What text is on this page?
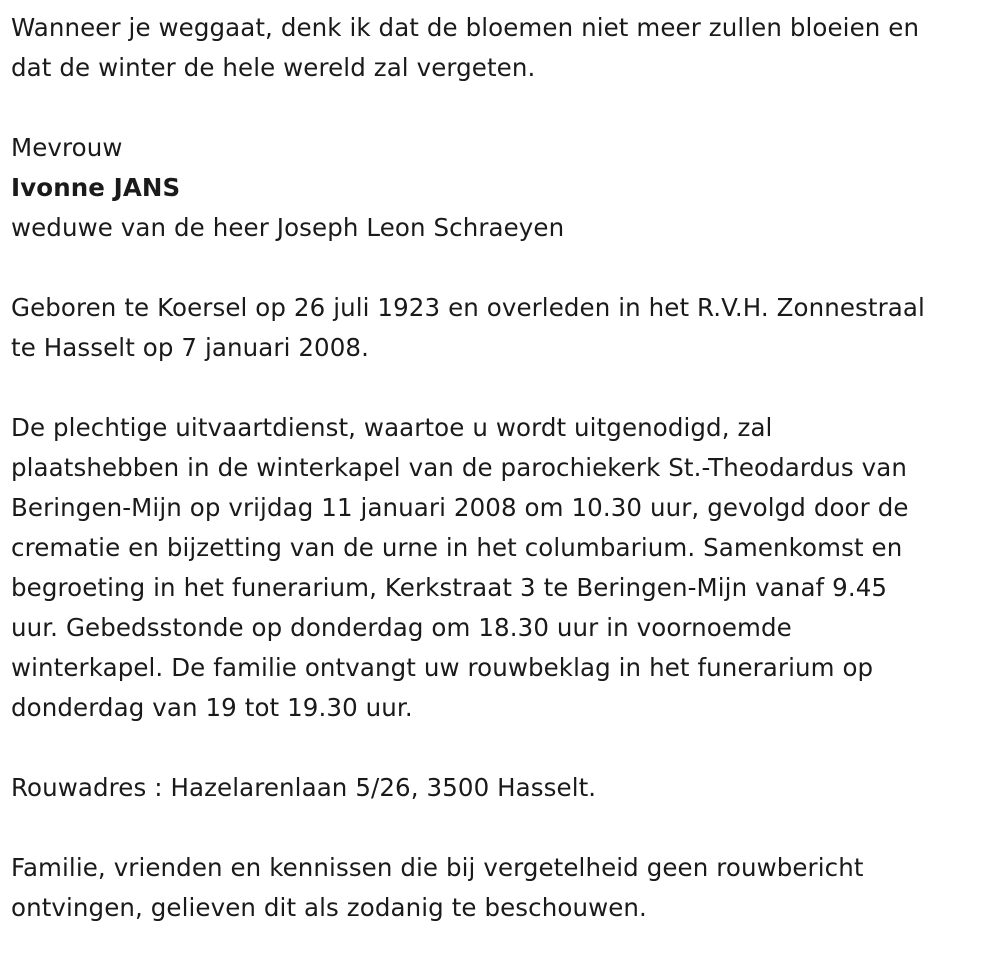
Wanneer je weggaat, denk ik dat de bloemen niet meer zullen bloeien en
dat de winter de hele wereld zal vergeten.

Mevrouw

Ivonne JANS

weduwe van de heer Joseph Leon Schraeyen

Geboren te Koersel op 26 juli 1923 en overleden in het R.V.H. Zonnestraal
te Hasselt op 7 januari 2008.

De plechtige uitvaartdienst, waartoe u wordt uitgenodigd, zal
plaatshebben in de winterkapel van de parochiekerk St.-Theodardus van
Beringen-Mijn op vrijdag 11 januari 2008 om 10.30 uur, gevolgd door de
crematie en bijzetting van de urne in het columbarium. Samenkomst en
begroeting in het funerarium, Kerkstraat 3 te Beringen-Mijn vanaf 9.45
uur. Gebedsstonde op donderdag om 18.30 uur in voornoemde
winterkapel. De familie ontvangt uw rouwbeklag in het funerarium op
donderdag van 19 tot 19.30 uur.

Rouwadres : Hazelarenlaan 5/26, 3500 Hasselt.

Familie, vrienden en kennissen die bij vergetelheid geen rouwbericht
ontvingen, gelieven dit als zodanig te beschouwen.
